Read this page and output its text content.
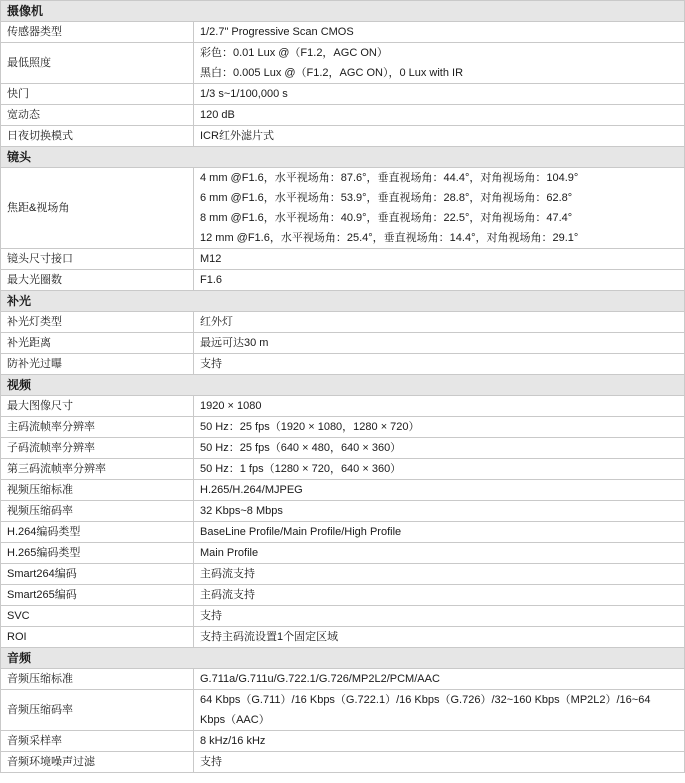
摄像机	
传感器类型	1/2.7" Progressive Scan CMOS

最低照度	彩色：0.01 Lux @（F1.2，AGC ON）
黑白：0.005 Lux @（F1.2，AGC ON），0 Lux with IR

快门	1/3 s~1/100,000 s

宽动态	120 dB

日夜切换模式	ICR红外滤片式

镜头	
焦距&视场角	4 mm @F1.6，水平视场角：87.6°，垂直视场角：44.4°，对角视场角：104.9°
6 mm @F1.6，水平视场角：53.9°，垂直视场角：28.8°，对角视场角：62.8°
8 mm @F1.6，水平视场角：40.9°，垂直视场角：22.5°，对角视场角：47.4°
12 mm @F1.6，水平视场角：25.4°，垂直视场角：14.4°，对角视场角：29.1°

镜头尺寸接口	M12

最大光圈数	F1.6

补光	
补光灯类型	红外灯

补光距离	最远可达30 m

防补光过曝	支持

视频	
最大图像尺寸	1920 × 1080

主码流帧率分辨率	50 Hz：25 fps（1920 × 1080，1280 × 720）

子码流帧率分辨率	50 Hz：25 fps（640 × 480，640 × 360）

第三码流帧率分辨率	50 Hz：1 fps（1280 × 720，640 × 360）

视频压缩标准	H.265/H.264/MJPEG

视频压缩码率	32 Kbps~8 Mbps

H.264编码类型	BaseLine Profile/Main Profile/High Profile

H.265编码类型	Main Profile

Smart264编码	主码流支持

Smart265编码	主码流支持

SVC	支持

ROI	支持主码流设置1个固定区域

音频	
音频压缩标准	G.711a/G.711u/G.722.1/G.726/MP2L2/PCM/AAC

音频压缩码率	64 Kbps（G.711）/16 Kbps（G.722.1）/16 Kbps（G.726）/32~160 Kbps（MP2L2）/16~64 Kbps（AAC）

音频采样率	8 kHz/16 kHz

音频环境噪声过滤	支持
